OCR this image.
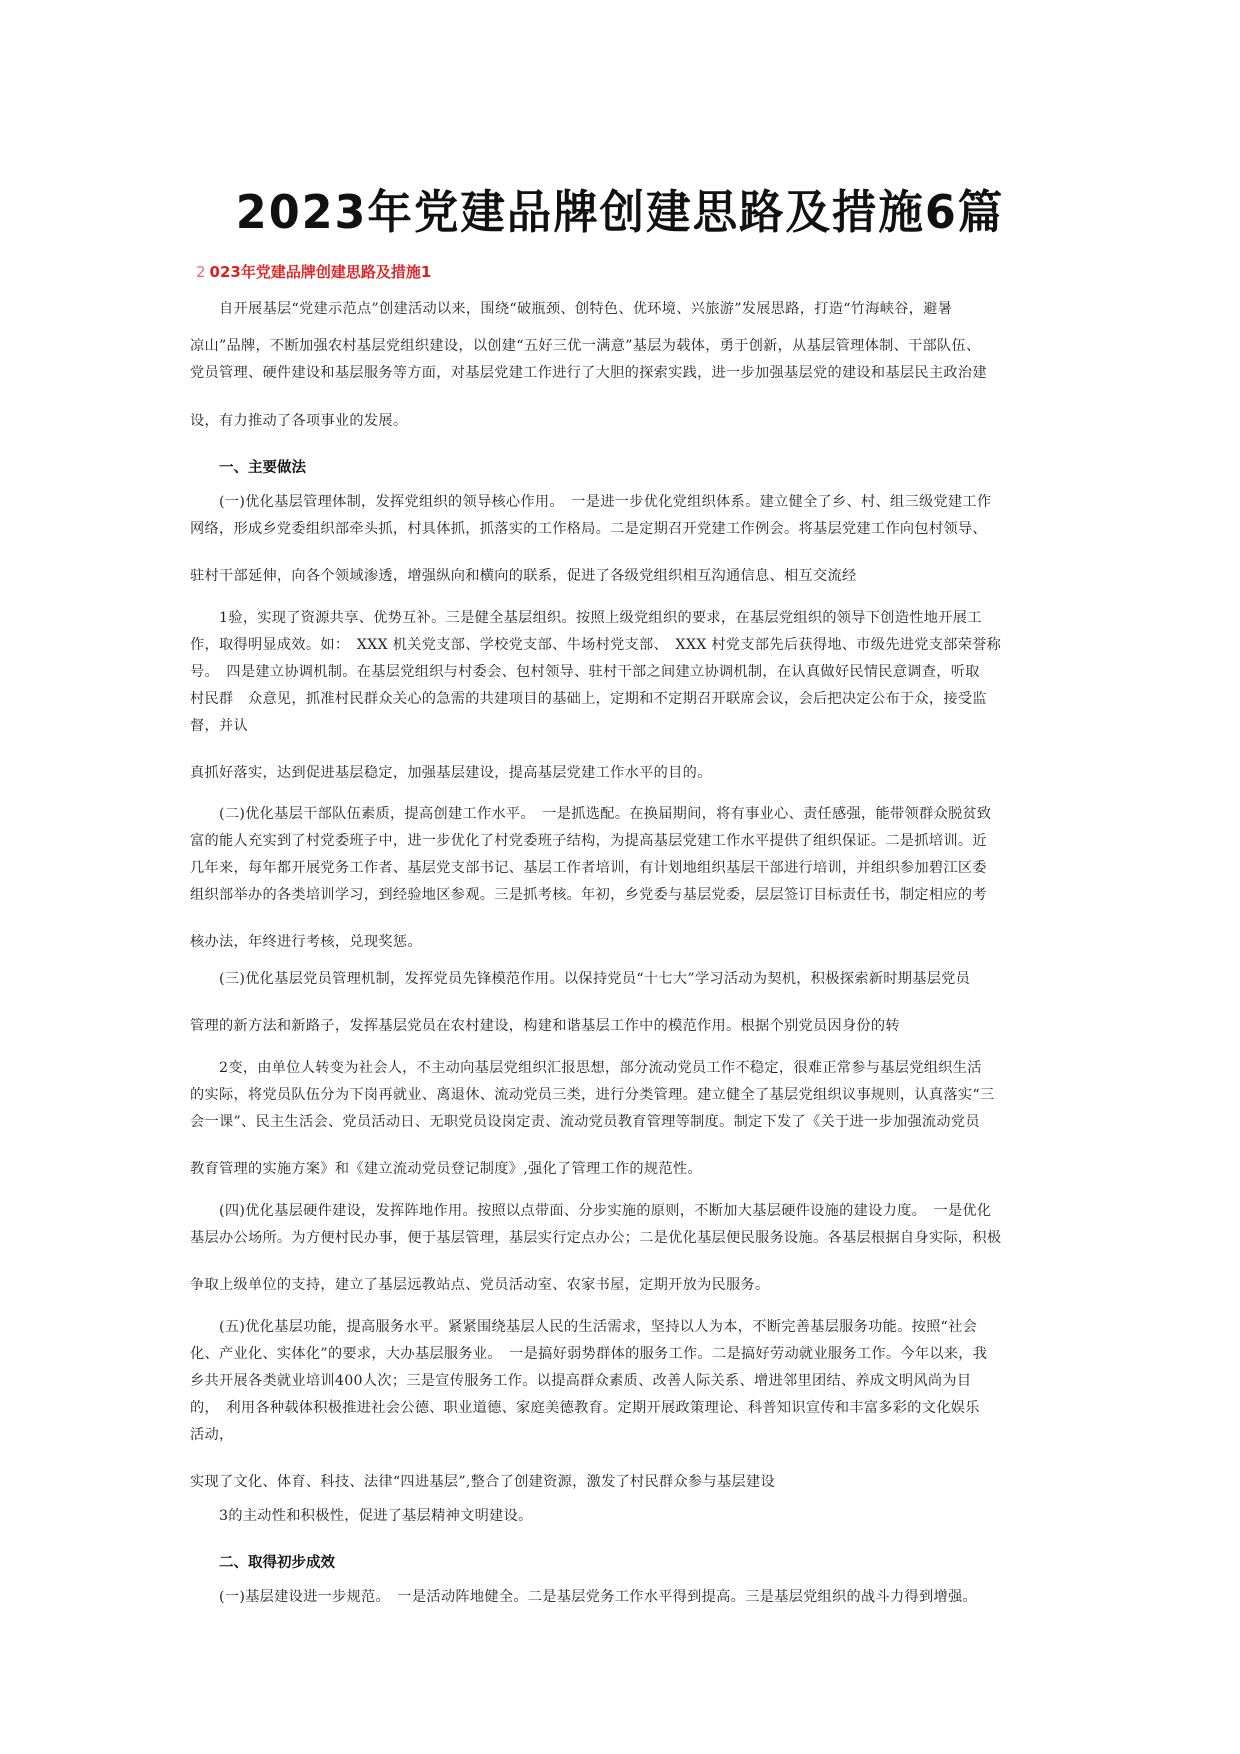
2023年党建品牌创建思路及措施6篇
2 023年党建品牌创建思路及措施1
自开展基层“党建示范点”创建活动以来，围绕“破瓶颈、创特色、优环境、兴旅游”发展思路，打造“竹海峡谷，避暑
凉山”品牌，不断加强农村基层党组织建设，以创建“五好三优一满意”基层为载体，勇于创新，从基层管理体制、干部队伍、
党员管理、硬件建设和基层服务等方面，对基层党建工作进行了大胆的探索实践，进一步加强基层党的建设和基层民主政治建
设，有力推动了各项事业的发展。
一、主要做法
(一)优化基层管理体制，发挥党组织的领导核心作用。　一是进一步优化党组织体系。建立健全了乡、村、组三级党建工作
网络，形成乡党委组织部牵头抓，村具体抓，抓落实的工作格局。二是定期召开党建工作例会。将基层党建工作向包村领导、
驻村干部延伸，向各个领域渗透，增强纵向和横向的联系，促进了各级党组织相互沟通信息、相互交流经
1验，实现了资源共享、优势互补。三是健全基层组织。按照上级党组织的要求，在基层党组织的领导下创造性地开展工
作，取得明显成效。如：　XXX 机关党支部、学校党支部、牛场村党支部、　XXX 村党支部先后获得地、市级先进党支部荣誉称
号。　四是建立协调机制。在基层党组织与村委会、包村领导、驻村干部之间建立协调机制，在认真做好民情民意调查，听取
村民群　众意见，抓准村民群众关心的急需的共建项目的基础上，定期和不定期召开联席会议，会后把决定公布于众，接受监
督，并认
真抓好落实，达到促进基层稳定，加强基层建设，提高基层党建工作水平的目的。
(二)优化基层干部队伍素质，提高创建工作水平。　一是抓选配。在换届期间，将有事业心、责任感强，能带领群众脱贫致
富的能人充实到了村党委班子中，进一步优化了村党委班子结构，为提高基层党建工作水平提供了组织保证。二是抓培训。近
几年来，每年都开展党务工作者、基层党支部书记、基层工作者培训，有计划地组织基层干部进行培训，并组织参加碧江区委
组织部举办的各类培训学习，到经验地区参观。三是抓考核。年初，乡党委与基层党委，层层签订目标责任书，制定相应的考
核办法，年终进行考核，兑现奖惩。
(三)优化基层党员管理机制，发挥党员先锋模范作用。以保持党员“十七大”学习活动为契机，积极探索新时期基层党员
管理的新方法和新路子，发挥基层党员在农村建设，构建和谐基层工作中的模范作用。根据个别党员因身份的转
2变，由单位人转变为社会人，不主动向基层党组织汇报思想，部分流动党员工作不稳定，很难正常参与基层党组织生活
的实际，将党员队伍分为下岗再就业、离退休、流动党员三类，进行分类管理。建立健全了基层党组织议事规则，认真落实“三
会一课”、民主生活会、党员活动日、无职党员设岗定责、流动党员教育管理等制度。制定下发了《关于进一步加强流动党员
教育管理的实施方案》和《建立流动党员登记制度》,强化了管理工作的规范性。
(四)优化基层硬件建设，发挥阵地作用。按照以点带面、分步实施的原则，不断加大基层硬件设施的建设力度。　一是优化
基层办公场所。为方便村民办事，便于基层管理，基层实行定点办公；二是优化基层便民服务设施。各基层根据自身实际，积极
争取上级单位的支持，建立了基层远教站点、党员活动室、农家书屋，定期开放为民服务。
(五)优化基层功能，提高服务水平。紧紧围绕基层人民的生活需求，坚持以人为本，不断完善基层服务功能。按照“社会
化、产业化、实体化”的要求，大办基层服务业。　一是搞好弱势群体的服务工作。二是搞好劳动就业服务工作。今年以来，我
乡共开展各类就业培训400人次；三是宣传服务工作。以提高群众素质、改善人际关系、增进邻里团结、养成文明风尚为目
的，　利用各种载体积极推进社会公德、职业道德、家庭美德教育。定期开展政策理论、科普知识宣传和丰富多彩的文化娱乐
活动，
实现了文化、体育、科技、法律“四进基层”,整合了创建资源，激发了村民群众参与基层建设
3的主动性和积极性，促进了基层精神文明建设。
二、取得初步成效
(一)基层建设进一步规范。　一是活动阵地健全。二是基层党务工作水平得到提高。三是基层党组织的战斗力得到增强。
